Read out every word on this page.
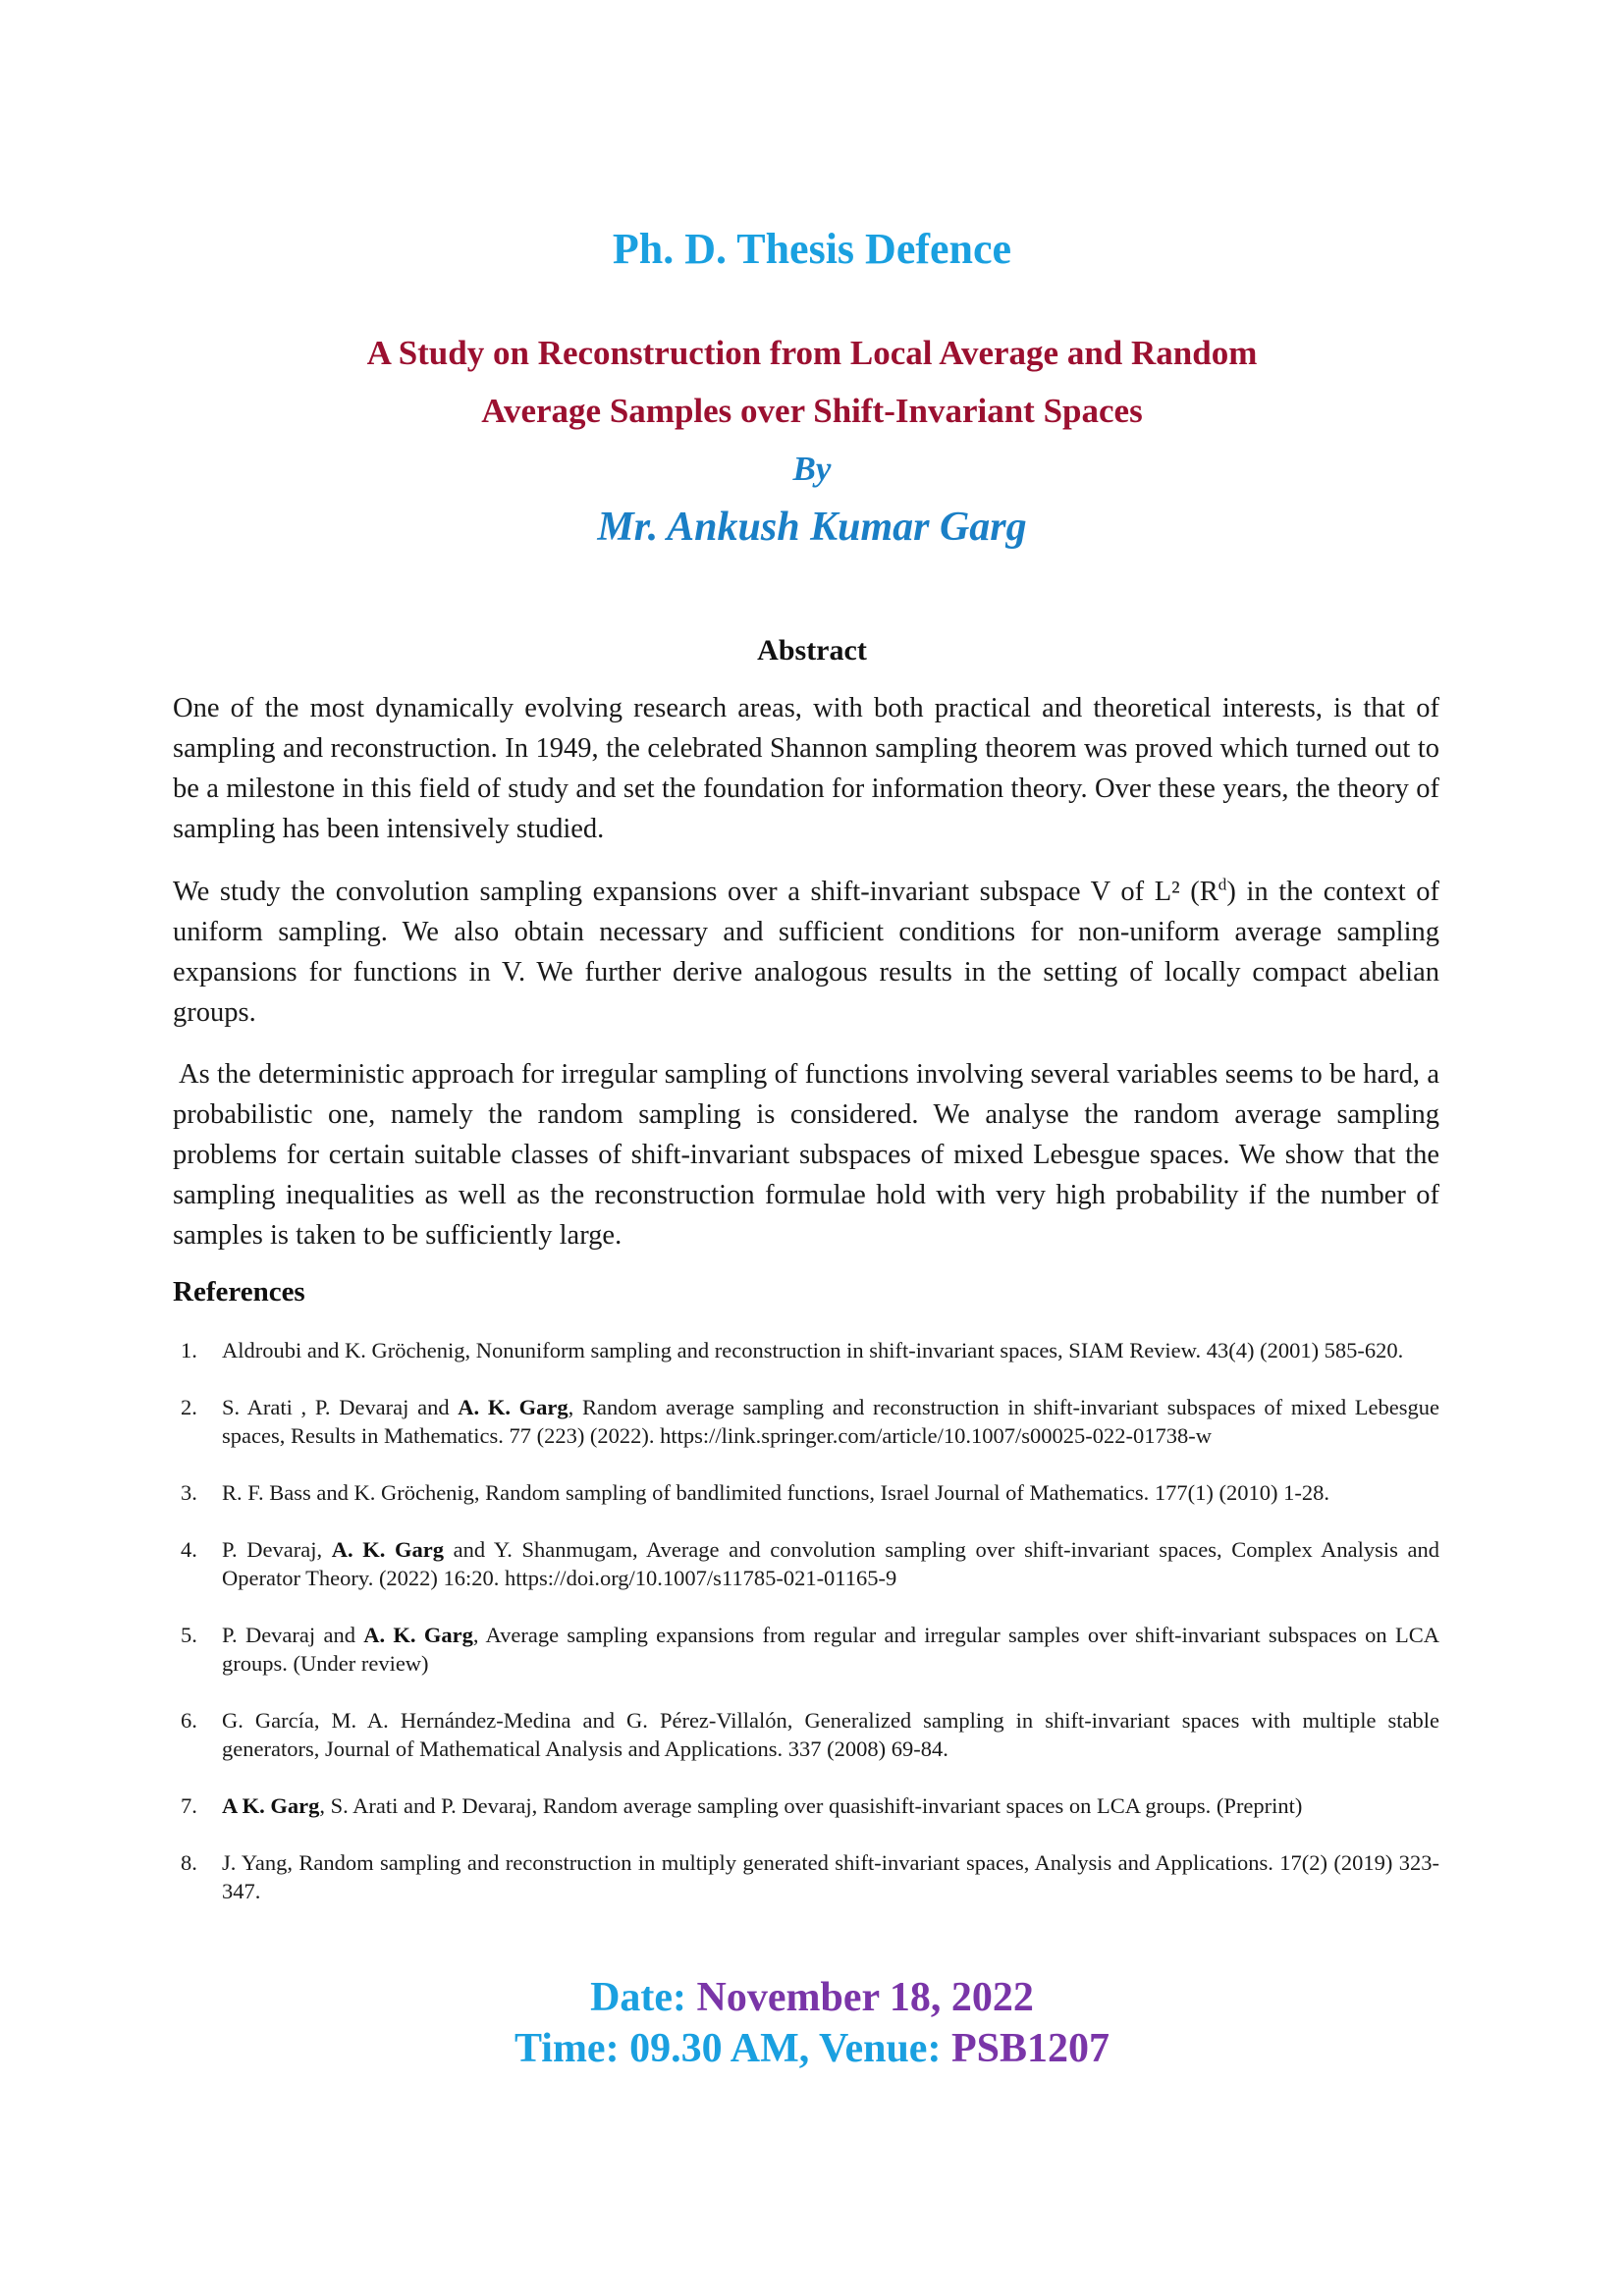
Ph. D. Thesis Defence
A Study on Reconstruction from Local Average and Random
Average Samples over Shift-Invariant Spaces
By
Mr. Ankush Kumar Garg
Abstract
One of the most dynamically evolving research areas, with both practical and theoretical interests, is that of sampling and reconstruction. In 1949, the celebrated Shannon sampling theorem was proved which turned out to be a milestone in this field of study and set the foundation for information theory. Over these years, the theory of sampling has been intensively studied.
We study the convolution sampling expansions over a shift-invariant subspace V of L² $(R^d)$ in the context of uniform sampling. We also obtain necessary and sufficient conditions for non-uniform average sampling expansions for functions in V. We further derive analogous results in the setting of locally compact abelian groups.
As the deterministic approach for irregular sampling of functions involving several variables seems to be hard, a probabilistic one, namely the random sampling is considered. We analyse the random average sampling problems for certain suitable classes of shift-invariant subspaces of mixed Lebesgue spaces. We show that the sampling inequalities as well as the reconstruction formulae hold with very high probability if the number of samples is taken to be sufficiently large.
References
1. Aldroubi and K. Gröchenig, Nonuniform sampling and reconstruction in shift-invariant spaces, SIAM Review. 43(4) (2001) 585-620.
2. S. Arati , P. Devaraj and A. K. Garg, Random average sampling and reconstruction in shift-invariant subspaces of mixed Lebesgue spaces, Results in Mathematics. 77 (223) (2022). https://link.springer.com/article/10.1007/s00025-022-01738-w
3. R. F. Bass and K. Gröchenig, Random sampling of bandlimited functions, Israel Journal of Mathematics. 177(1) (2010) 1-28.
4. P. Devaraj, A. K. Garg and Y. Shanmugam, Average and convolution sampling over shift-invariant spaces, Complex Analysis and Operator Theory. (2022) 16:20. https://doi.org/10.1007/s11785-021-01165-9
5. P. Devaraj and A. K. Garg, Average sampling expansions from regular and irregular samples over shift-invariant subspaces on LCA groups. (Under review)
6. G. García, M. A. Hernández-Medina and G. Pérez-Villalón, Generalized sampling in shift-invariant spaces with multiple stable generators, Journal of Mathematical Analysis and Applications. 337 (2008) 69-84.
7. A K. Garg, S. Arati and P. Devaraj, Random average sampling over quasishift-invariant spaces on LCA groups. (Preprint)
8. J. Yang, Random sampling and reconstruction in multiply generated shift-invariant spaces, Analysis and Applications. 17(2) (2019) 323-347.
Date: November 18, 2022
Time: 09.30 AM, Venue: PSB1207
